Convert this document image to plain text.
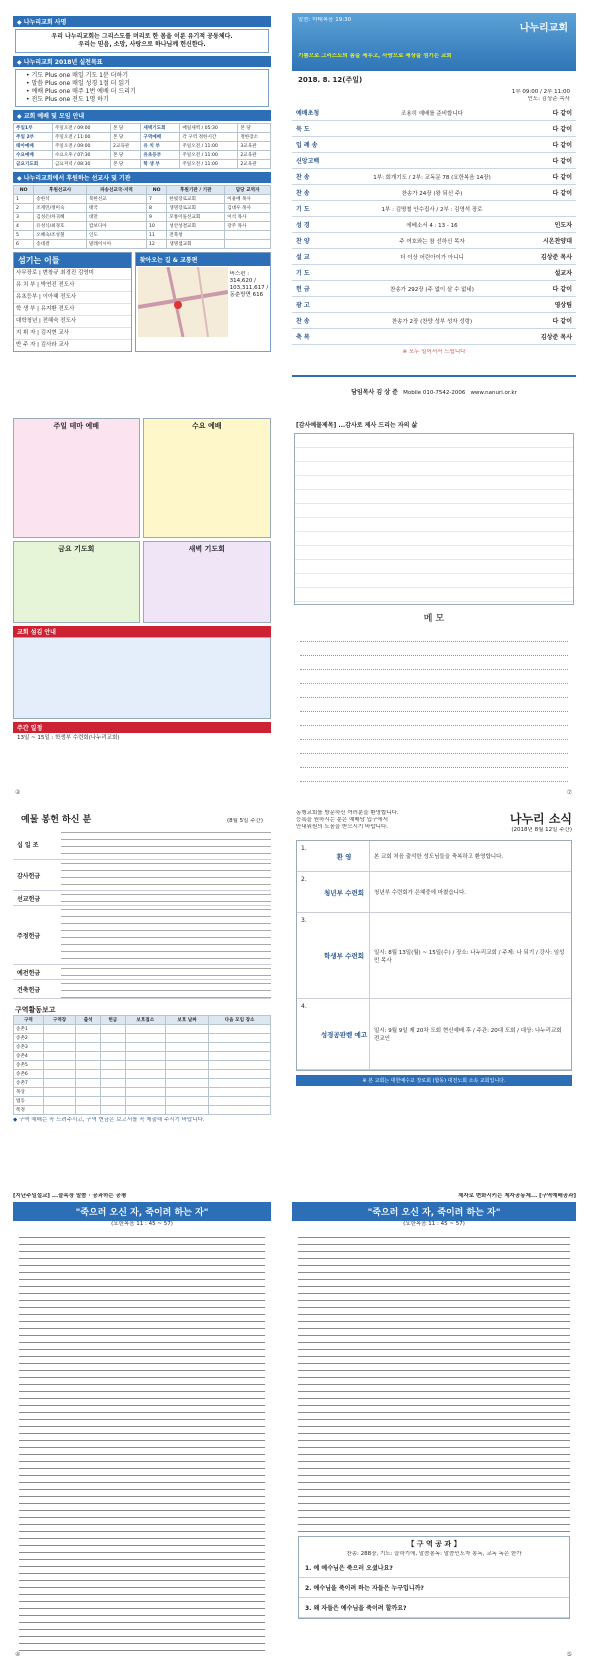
◆ 나누리교회 사명
우리 나누리교회는 그리스도를 머리로 한 몸을 이룬 유기적 공동체다.
우리는 믿음, 소망, 사랑으로 하나님께 헌신한다.
◆ 나누리교회 2018년 실천목표
• 기도 Plus one 매일 기도 1분 더하기
• 말씀 Plus one 매일 성경 1절 더 읽기
• 예배 Plus one 매주 1번 예배 더 드리기
• 전도 Plus one 전도 1명 하기
◆ 교회 예배 및 모임 안내
주일1부	주일오전 / 09:00	본 당	새벽기도회	매일새벽 / 05:30	본 당
주일 2부	주일오전 / 11:00	본 당	구역예배	각 구역 정한시간	정한장소
태아예배	주일오전 / 09:00	2교육관	유 치 부	주일오전 / 11:00	3교육관
수요예배	수요오후 / 07:30	본 당	유초등부	주일오전 / 11:00	2교육관
금요기도회	금요저녁 / 08:30	본 당	학 생 부	주일오전 / 11:00	2교육관
◆ 나누리교회에서 후원하는 선교사 및 기관
NO	후원선교사	파송선교국·지역	NO	후원기관 / 기관	담당 교역자
1	송한석	북한선교	7	한빛장로교회	이용배 목사
2	조재민/정미숙	태국	8	생명장로교회	김대우 목사
3	김성은/차귀혜	대만	9	모퉁이돌선교회	이석 목사
4	유성식/최경호	캄보디아	10	성안성결교회	강주 목사
5	오혜숙/조성철	인도	11	전북청	
6	송대결	말레이시아	12	생명샘교회	
섬기는 이들
사무장로 | 변창규 최경진 김영미
유 치 부 | 박연진 전도사
유초등부 | 이아혜 전도사
학 생 부 | 유지환 전도사
대학청년 | 전혜숙 전도사
지 휘 자 | 김지현 교사
반 주 자 | 김사라 교사
찾아오는 길 & 교통편
버스편 : 314,620 / 103,311,617 / 동춘방면 616
말씀: 마태복음 19:30
나누리교회
기쁨으로 그리스도의 몸을 세우고, 사랑으로 세상을 섬기는 교회
2018. 8. 12(주일)
1부 09:00 / 2부 11:00
인도: 김상준 목사
예배초청	조용히 예배를 준비합니다	다 같이
묵 도	다 같이
입 례 송	다 같이
신앙고백	다 같이
찬 송	1부: 회개기도 / 2부: 교독문 78 (요한복음 14장)	다 같이
찬 송	찬송가 24장 (왕 되신 주)	다 같이
기 도	1부 : 김명철 안수집사 / 2부 : 김영석 장로
성 경	에베소서 4 : 13 - 16	인도자
찬 양	주 여호와는 참 선하신 목자	시온찬양대
설 교	더 이상 어린아이가 아니니	김상준 목사
기 도	설교자
헌 금	찬송가 292장 (주 없이 살 수 없네)	다 같이
광 고	영상팀
찬 송	찬송가 2장 (찬양 성부 성자 성령)	다 같이
축 복	김상준 목사
※ 모두 일어서서 드립니다
담임목사 김 상 준 Mobile 010-7542-2006 www.nanuri.or.kr
주일 테마 예배	수요 예배
금요 기도회	새벽 기도회
교회 섬김 안내
주간 일정
13일 ~ 15일 : 학생부 수련회(나누리교회)
②
[감사예물제목] ...감사로 제사 드리는 자의 삶
메 모
⑦
예물 봉헌 하신 분	(8월 5일 주간)
십 일 조
감사헌금
선교헌금
주정헌금
예전헌금
건축헌금
구역활동보고
구역	구역장	출석	헌금	보호접소	보호 날짜	다음 모임 장소
송촌1						
송촌2						
송촌3						
송촌4						
송촌5						
송촌6						
송촌7						
목상						
법동						
쪽정						
◆ 구역 예배는 꼭 드려주시고, 구역 현금은 보고서를 꼭 제출해 주시기 바랍니다.
동행교회를 방문하신 여러분을 환영합니다.
등록을 원하시는 분은 예배당 입구에서
안내위원의 도움을 받으시기 바랍니다.
나누리 소식
(2018년 8월 12일 주간)
1.
환 영	본 교회 처음 출석한 성도님들을 축복하고 환영합니다.
2.
청년부 수련회	청년부 수련회가 은혜중에 마쳤습니다.
3.
학생부 수련회	일시: 8월 13일(월) ~ 15일(수) / 장소: 나누리교회 / 주제: 나 되기 / 강사: 임성민 목사
4.
성경공판벧 예고	일시: 9월 9일 제 20차 도회 현신예배 후 / 주관: 20대 도회 / 대상: 나누리교회 전교인
※ 본 교회는 대한예수교 장로회 (합동) 대전노회 소속 교회입니다.
[지난주일설교] ...늘목장 말씀 · 공과하는 공평
"죽으러 오신 자, 죽이려 하는 자"
(요한복음 11 : 45 ~ 57)
④
제자로 변화시키는 제자공동체... [구역예배공과]
"죽으러 오신 자, 죽이려 하는 자"
(요한복음 11 : 45 ~ 57)
【 구 역 공 과 】
찬송: 288장, 기도: 늘하기에, 말씀봉독: 말씀인도자 봉독, 교독 독은 한가
1. 예 예수님은 죽으러 오셨나요?
2. 예수님을 죽이려 하는 자들은 누구입니까?
3. 왜 자들은 예수님을 죽이려 할까요?
⑤
